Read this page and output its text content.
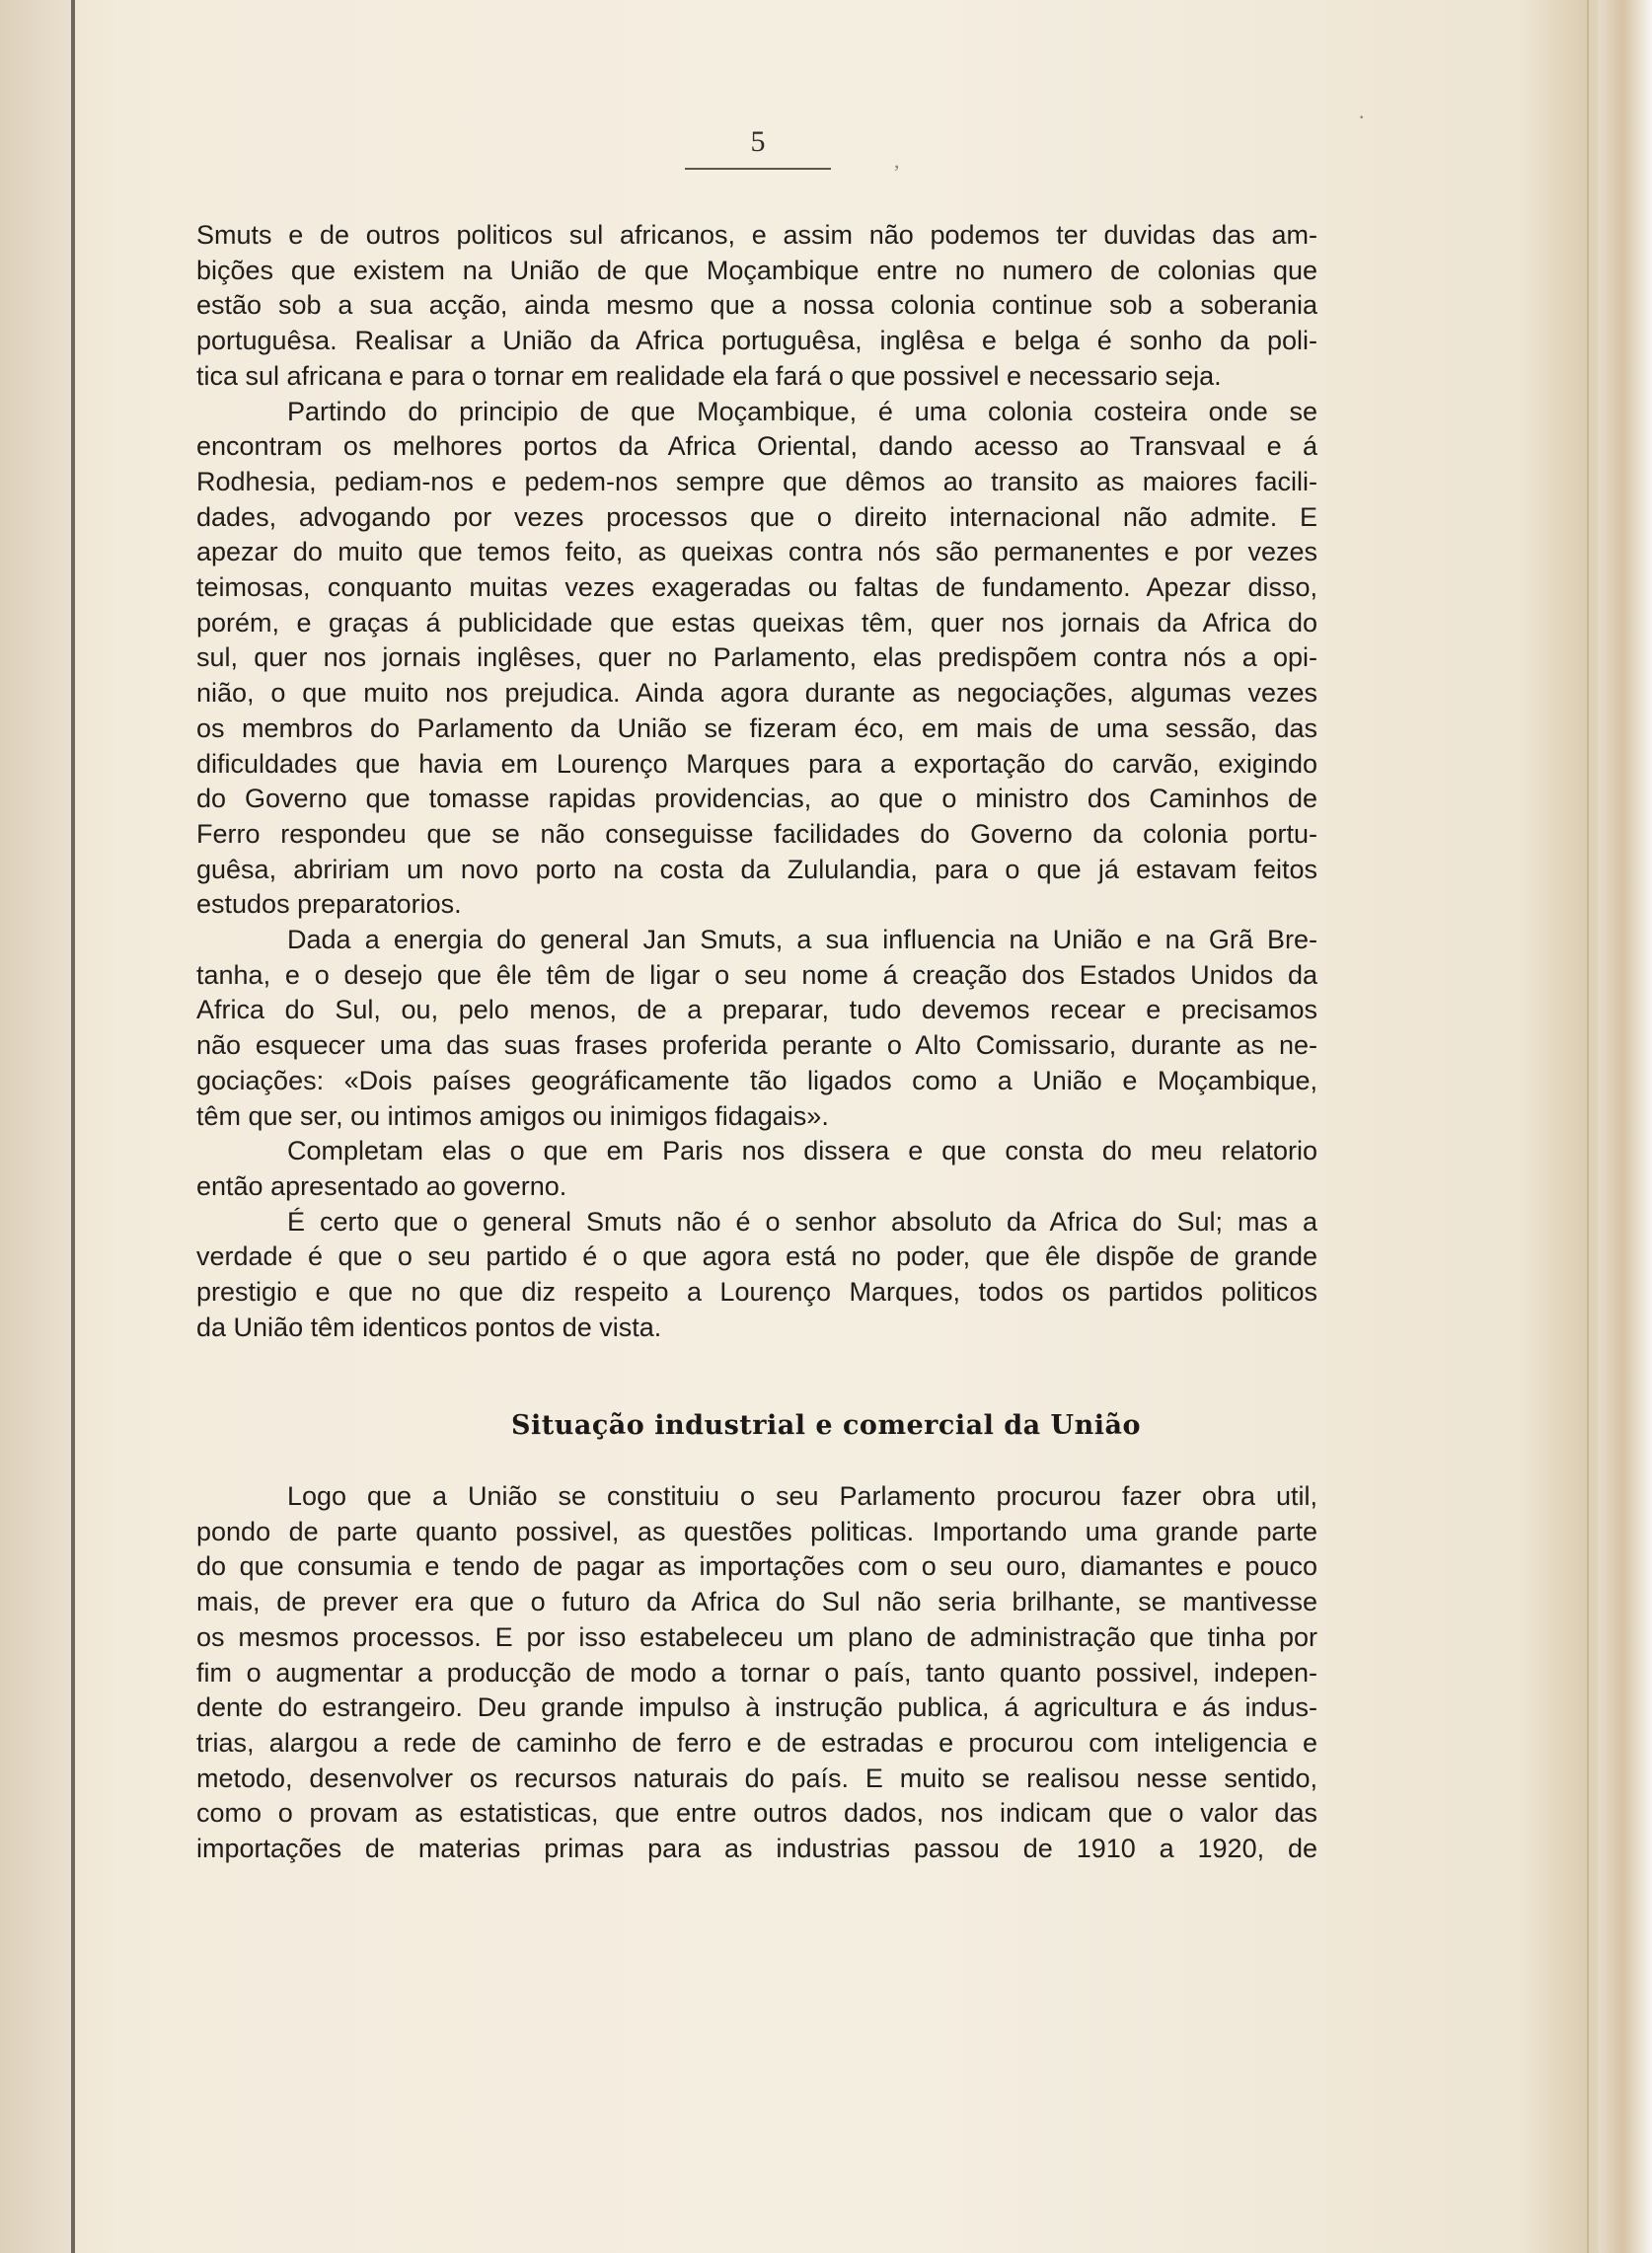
5

Smuts e de outros politicos sul africanos, e assim não podemos ter duvidas das am-

bições que existem na União de que Moçambique entre no numero de colonias que

estão sob a sua acção, ainda mesmo que a nossa colonia continue sob a soberania

portuguêsa. Realisar a União da Africa portuguêsa, inglêsa e belga é sonho da poli-

tica sul africana e para o tornar em realidade ela fará o que possivel e necessario seja.

Partindo do principio de que Moçambique, é uma colonia costeira onde se

encontram os melhores portos da Africa Oriental, dando acesso ao Transvaal e á

Rodhesia, pediam-nos e pedem-nos sempre que dêmos ao transito as maiores facili-

dades, advogando por vezes processos que o direito internacional não admite. E

apezar do muito que temos feito, as queixas contra nós são permanentes e por vezes

teimosas, conquanto muitas vezes exageradas ou faltas de fundamento. Apezar disso,

porém, e graças á publicidade que estas queixas têm, quer nos jornais da Africa do

sul, quer nos jornais inglêses, quer no Parlamento, elas predispõem contra nós a opi-

nião, o que muito nos prejudica. Ainda agora durante as negociações, algumas vezes

os membros do Parlamento da União se fizeram éco, em mais de uma sessão, das

dificuldades que havia em Lourenço Marques para a exportação do carvão, exigindo

do Governo que tomasse rapidas providencias, ao que o ministro dos Caminhos de

Ferro respondeu que se não conseguisse facilidades do Governo da colonia portu-

guêsa, abririam um novo porto na costa da Zululandia, para o que já estavam feitos

estudos preparatorios.

Dada a energia do general Jan Smuts, a sua influencia na União e na Grã Bre-

tanha, e o desejo que êle têm de ligar o seu nome á creação dos Estados Unidos da

Africa do Sul, ou, pelo menos, de a preparar, tudo devemos recear e precisamos

não esquecer uma das suas frases proferida perante o Alto Comissario, durante as ne-

gociações: «Dois países geográficamente tão ligados como a União e Moçambique,

têm que ser, ou intimos amigos ou inimigos fidagais».

Completam elas o que em Paris nos dissera e que consta do meu relatorio

então apresentado ao governo.

É certo que o general Smuts não é o senhor absoluto da Africa do Sul; mas a

verdade é que o seu partido é o que agora está no poder, que êle dispõe de grande

prestigio e que no que diz respeito a Lourenço Marques, todos os partidos politicos

da União têm identicos pontos de vista.

Situação industrial e comercial da União

Logo que a União se constituiu o seu Parlamento procurou fazer obra util,

pondo de parte quanto possivel, as questões politicas. Importando uma grande parte

do que consumia e tendo de pagar as importações com o seu ouro, diamantes e pouco

mais, de prever era que o futuro da Africa do Sul não seria brilhante, se mantivesse

os mesmos processos. E por isso estabeleceu um plano de administração que tinha por

fim o augmentar a producção de modo a tornar o país, tanto quanto possivel, indepen-

dente do estrangeiro. Deu grande impulso à instrução publica, á agricultura e ás indus-

trias, alargou a rede de caminho de ferro e de estradas e procurou com inteligencia e

metodo, desenvolver os recursos naturais do país. E muito se realisou nesse sentido,

como o provam as estatisticas, que entre outros dados, nos indicam que o valor das

importações de materias primas para as industrias passou de 1910 a 1920, de

·
,
